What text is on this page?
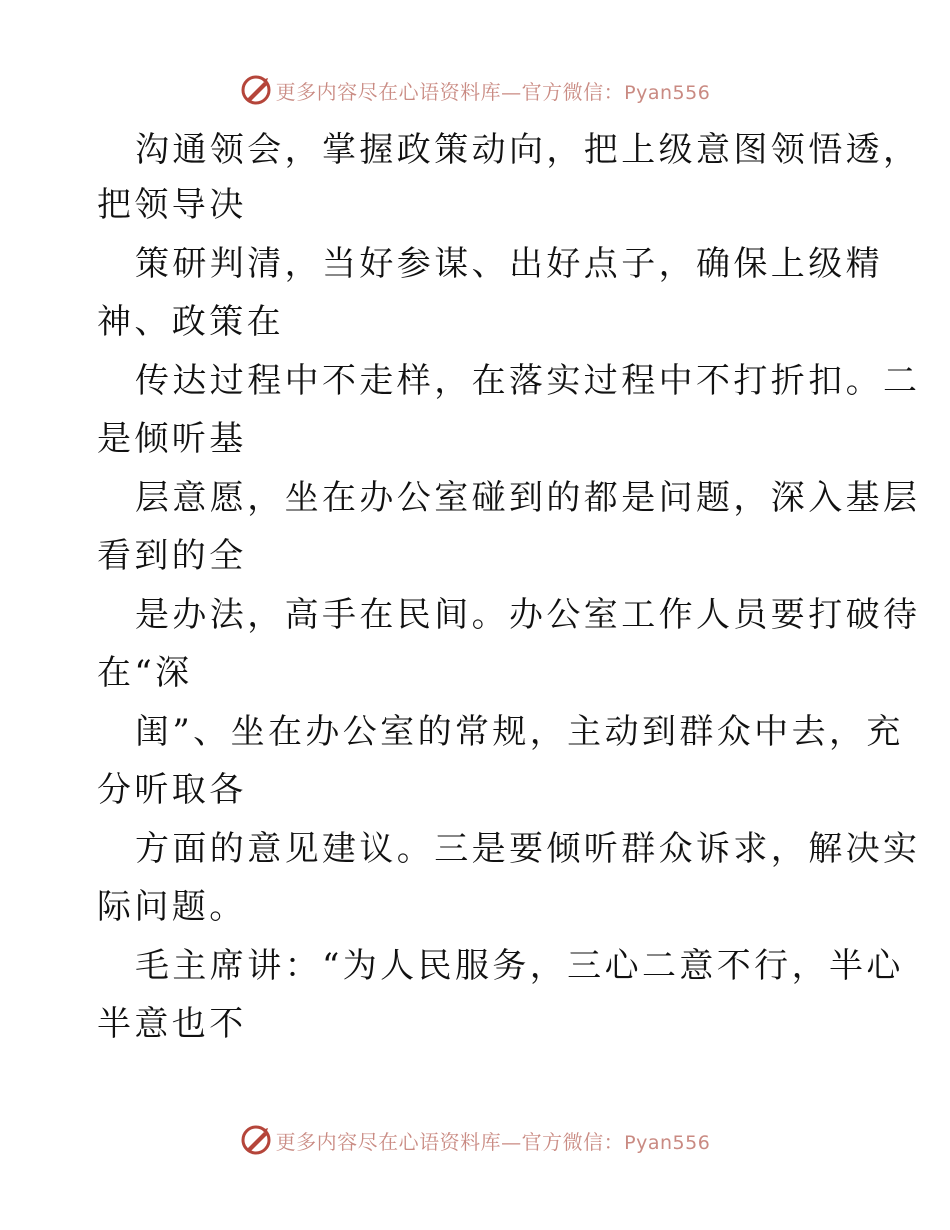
更多内容尽在心语资料库—官方微信：Pyan556
沟通领会，掌握政策动向，把上级意图领悟透，
把领导决
策研判清，当好参谋、出好点子，确保上级精
神、政策在
传达过程中不走样，在落实过程中不打折扣。二
是倾听基
层意愿，坐在办公室碰到的都是问题，深入基层
看到的全
是办法，高手在民间。办公室工作人员要打破待
在“深
闺”、坐在办公室的常规，主动到群众中去，充
分听取各
方面的意见建议。三是要倾听群众诉求，解决实
际问题。
毛主席讲：“为人民服务，三心二意不行，半心
半意也不
更多内容尽在心语资料库—官方微信：Pyan556
